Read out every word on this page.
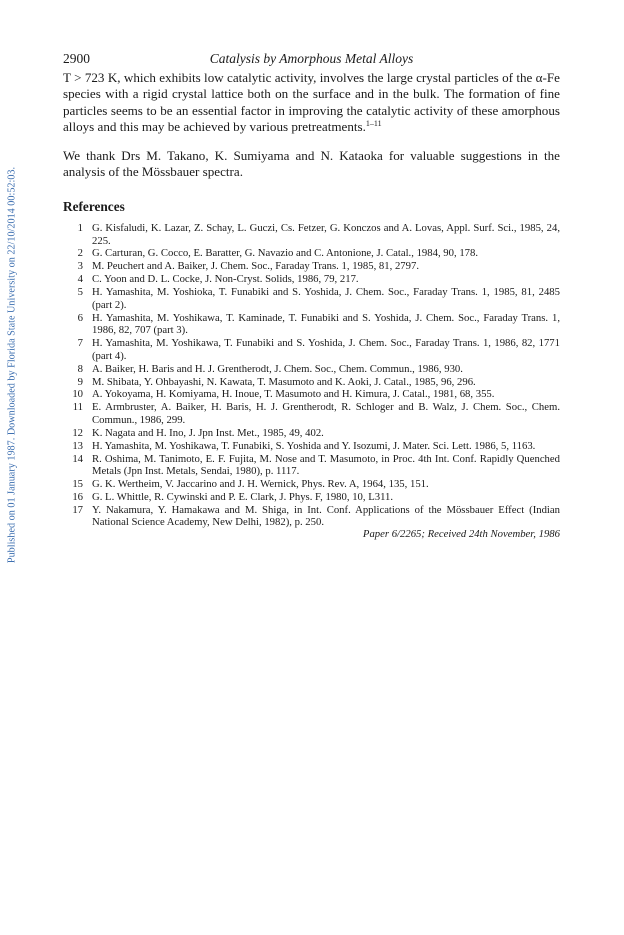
Published on 01 January 1987. Downloaded by Florida State University on 22/10/2014 00:52:03.
2900	Catalysis by Amorphous Metal Alloys

T > 723 K, which exhibits low catalytic activity, involves the large crystal particles of the α-Fe species with a rigid crystal lattice both on the surface and in the bulk. The formation of fine particles seems to be an essential factor in improving the catalytic activity of these amorphous alloys and this may be achieved by various pretreatments.$^{1-11}$

We thank Drs M. Takano, K. Sumiyama and N. Kataoka for valuable suggestions in the analysis of the Mössbauer spectra.

References
1 G. Kisfaludi, K. Lazar, Z. Schay, L. Guczi, Cs. Fetzer, G. Konczos and A. Lovas, Appl. Surf. Sci., 1985, 24, 225.
2 G. Carturan, G. Cocco, E. Baratter, G. Navazio and C. Antonione, J. Catal., 1984, 90, 178.
3 M. Peuchert and A. Baiker, J. Chem. Soc., Faraday Trans. 1, 1985, 81, 2797.
4 C. Yoon and D. L. Cocke, J. Non-Cryst. Solids, 1986, 79, 217.
5 H. Yamashita, M. Yoshioka, T. Funabiki and S. Yoshida, J. Chem. Soc., Faraday Trans. 1, 1985, 81, 2485 (part 2).
6 H. Yamashita, M. Yoshikawa, T. Kaminade, T. Funabiki and S. Yoshida, J. Chem. Soc., Faraday Trans. 1, 1986, 82, 707 (part 3).
7 H. Yamashita, M. Yoshikawa, T. Funabiki and S. Yoshida, J. Chem. Soc., Faraday Trans. 1, 1986, 82, 1771 (part 4).
8 A. Baiker, H. Baris and H. J. Grentherodt, J. Chem. Soc., Chem. Commun., 1986, 930.
9 M. Shibata, Y. Ohbayashi, N. Kawata, T. Masumoto and K. Aoki, J. Catal., 1985, 96, 296.
10 A. Yokoyama, H. Komiyama, H. Inoue, T. Masumoto and H. Kimura, J. Catal., 1981, 68, 355.
11 E. Armbruster, A. Baiker, H. Baris, H. J. Grentherodt, R. Schloger and B. Walz, J. Chem. Soc., Chem. Commun., 1986, 299.
12 K. Nagata and H. Ino, J. Jpn Inst. Met., 1985, 49, 402.
13 H. Yamashita, M. Yoshikawa, T. Funabiki, S. Yoshida and Y. Isozumi, J. Mater. Sci. Lett. 1986, 5, 1163.
14 R. Oshima, M. Tanimoto, E. F. Fujita, M. Nose and T. Masumoto, in Proc. 4th Int. Conf. Rapidly Quenched Metals (Jpn Inst. Metals, Sendai, 1980), p. 1117.
15 G. K. Wertheim, V. Jaccarino and J. H. Wernick, Phys. Rev. A, 1964, 135, 151.
16 G. L. Whittle, R. Cywinski and P. E. Clark, J. Phys. F, 1980, 10, L311.
17 Y. Nakamura, Y. Hamakawa and M. Shiga, in Int. Conf. Applications of the Mössbauer Effect (Indian National Science Academy, New Delhi, 1982), p. 250.

Paper 6/2265; Received 24th November, 1986
